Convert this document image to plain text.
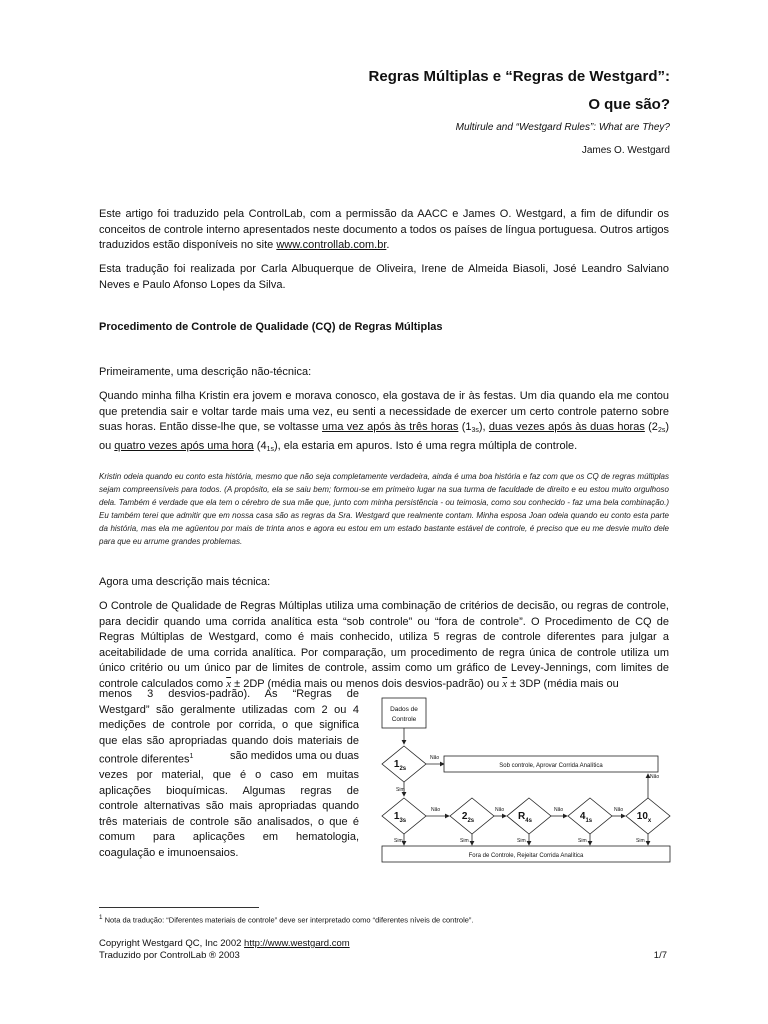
Regras Múltiplas e “Regras de Westgard”:
O que são?
Multirule and “Westgard Rules”: What are They?
James O. Westgard

Este artigo foi traduzido pela ControlLab, com a permissão da AACC e James O. Westgard, a fim de difundir os conceitos de controle interno apresentados neste documento a todos os países de língua portuguesa. Outros artigos traduzidos estão disponíveis no site www.controllab.com.br.

Esta tradução foi realizada por Carla Albuquerque de Oliveira, Irene de Almeida Biasoli, José Leandro Salviano Neves e Paulo Afonso Lopes da Silva.

Procedimento de Controle de Qualidade (CQ) de Regras Múltiplas
Primeiramente, uma descrição não-técnica:

Quando minha filha Kristin era jovem e morava conosco, ela gostava de ir às festas. Um dia quando ela me contou que pretendia sair e voltar tarde mais uma vez, eu senti a necessidade de exercer um certo controle paterno sobre suas horas. Então disse-lhe que, se voltasse uma vez após às três horas $(1_{3s})$, duas vezes após às duas horas $(2_{2s})$ ou quatro vezes após uma hora $(4_{1s})$, ela estaria em apuros. Isto é uma regra múltipla de controle.

Kristin odeia quando eu conto esta história, mesmo que não seja completamente verdadeira, ainda é uma boa história e faz com que os CQ de regras múltiplas sejam compreensíveis para todos. (A propósito, ela se saiu bem; formou-se em primeiro lugar na sua turma de faculdade de direito e eu estou muito orgulhoso dela. Também é verdade que ela tem o cérebro de sua mãe que, junto com minha persistência - ou teimosia, como sou conhecido - faz uma bela combinação.) Eu também terei que admitir que em nossa casa são as regras da Sra. Westgard que realmente contam. Minha esposa Joan odeia quando eu conto esta parte da história, mas ela me agüentou por mais de trinta anos e agora eu estou em um estado bastante estável de controle, é preciso que eu me desvie muito dele para que eu arrume grandes problemas.

Agora uma descrição mais técnica:

O Controle de Qualidade de Regras Múltiplas utiliza uma combinação de critérios de decisão, ou regras de controle, para decidir quando uma corrida analítica esta “sob controle” ou “fora de controle”. O Procedimento de CQ de Regras Múltiplas de Westgard, como é mais conhecido, utiliza 5 regras de controle diferentes para julgar a aceitabilidade de uma corrida analítica. Por comparação, um procedimento de regra única de controle utiliza um único critério ou um único par de limites de controle, assim como um gráfico de Levey-Jennings, com limites de controle calculados como $\overline{x} \pm 2DP$ (média mais ou menos dois desvios-padrão) ou $\overline{x} \pm 3DP$ (média mais ou

menos 3 desvios-padrão). As “Regras de
Westgard” são geralmente utilizadas com 2 ou 4
medições de controle por corrida, o que significa
que elas são apropriadas quando dois materiais de
controle diferentes$^1$	são medidos uma ou duas
vezes por material, que é o caso em muitas
aplicações bioquímicas. Algumas regras de
controle alternativas são mais apropriadas quando
três materiais de controle são analisados, o que é
comum para aplicações em hematologia,
coagulação e imunoensaios.
Dados de
Controle
$1_{2s}$
$1_{3s}$	$2_{2s}$	$R_{4s}$	$4_{1s}$	$10_x$
Sob controle, Aprovar Corrida Analítica
Fora de Controle, Rejeitar Corrida Analítica
Não
Não	Não	Não	Não
Não
Sim
Sim	Sim	Sim	Sim	Sim
$^1$ Nota da tradução: “Diferentes materiais de controle” deve ser interpretado como “diferentes níveis de controle”.
Copyright Westgard QC, Inc 2002 http://www.westgard.com
Traduzido por ControlLab ® 2003	1/7
